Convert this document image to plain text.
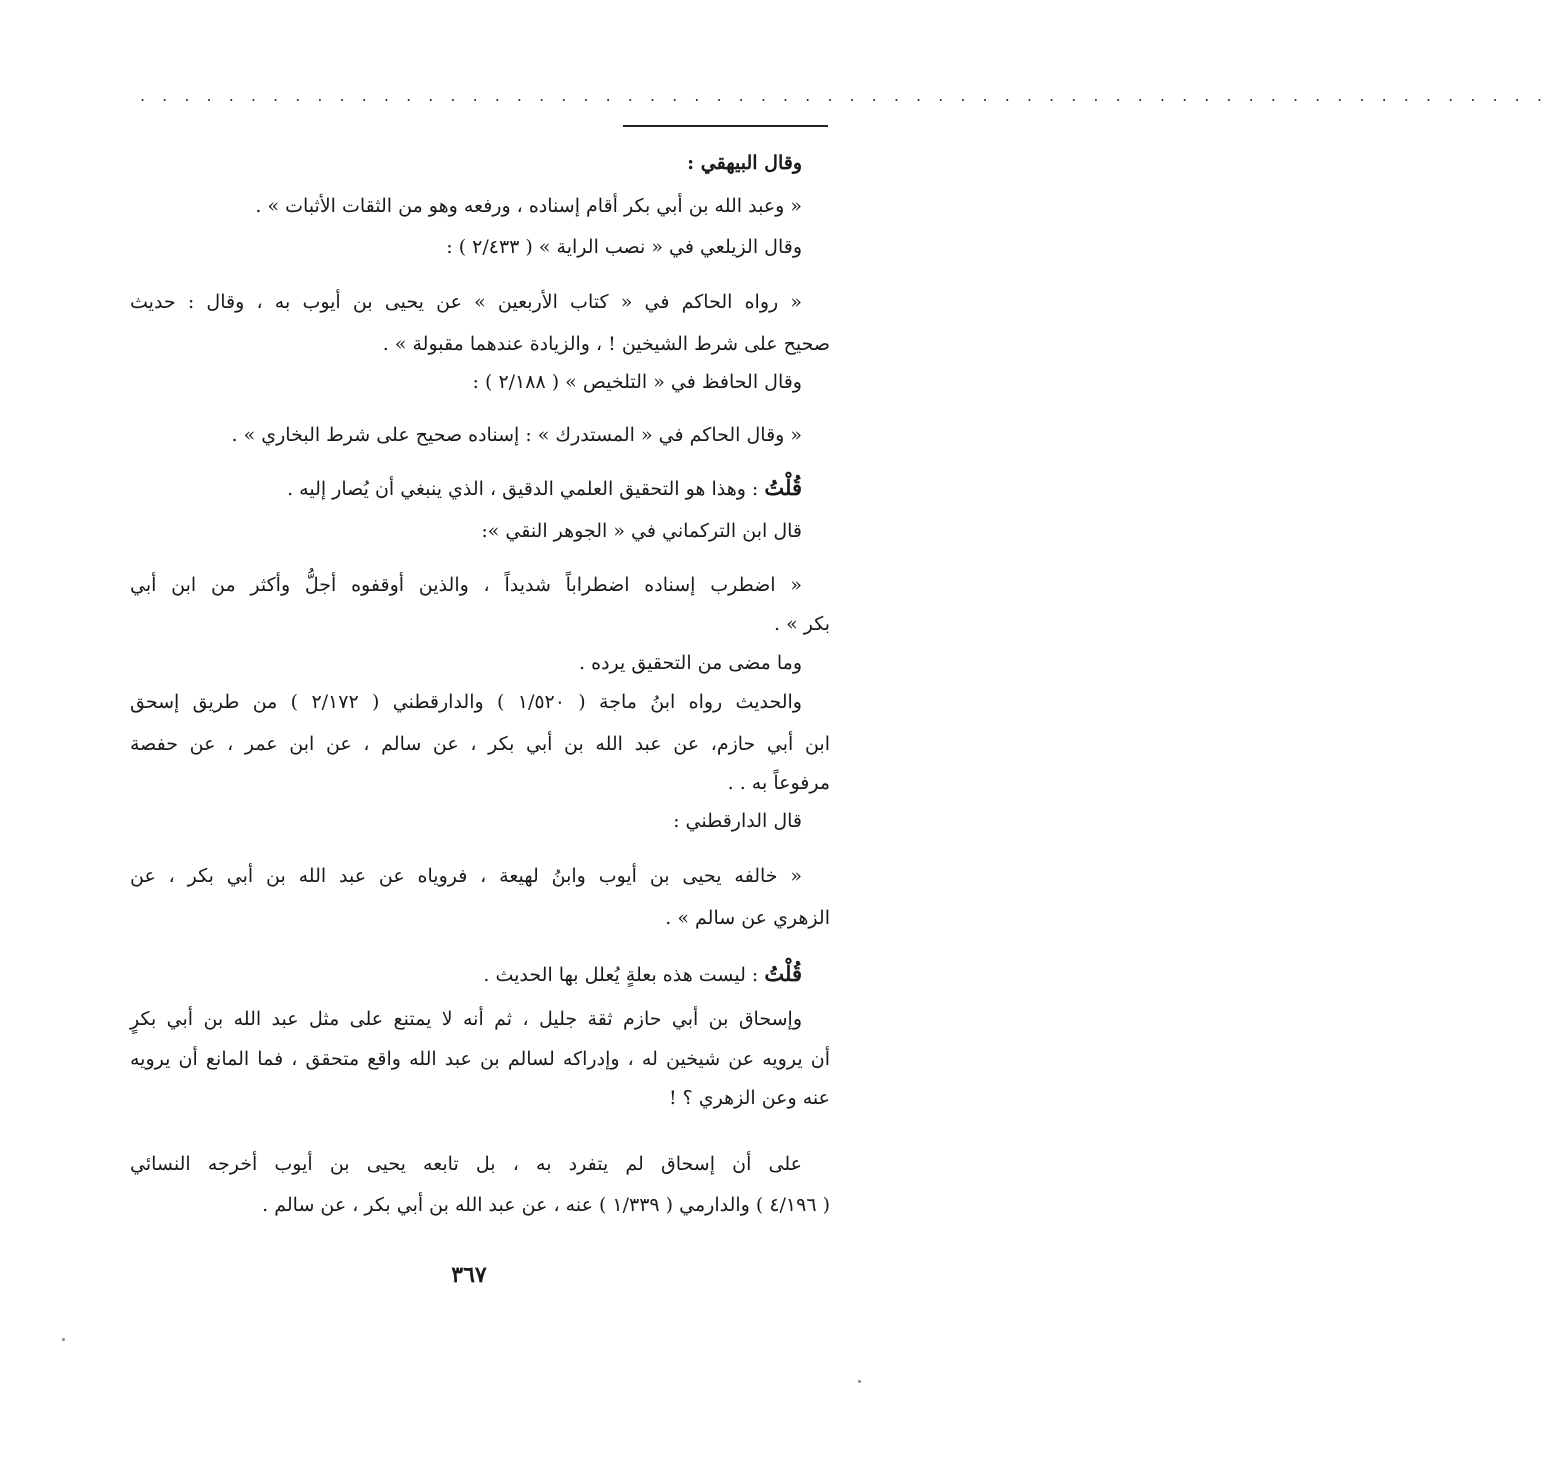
. . . . . . . . . . . . . . . . . . . . . . . . . . . . . . . . . . . . . . . . . . . . . . . . . . . . . . . . . . . . . . . .
وقال البيهقي :
« وعبد الله بن أبي بكر أقام إسناده ، ورفعه وهو من الثقات الأثبات » .
وقال الزيلعي في « نصب الراية » ( ٢/٤٣٣ ) :
« رواه الحاكم في « كتاب الأربعين » عن يحيى بن أيوب به ، وقال : حديث
صحيح على شرط الشيخين ! ، والزيادة عندهما مقبولة » .
وقال الحافظ في « التلخيص » ( ٢/١٨٨ ) :
« وقال الحاكم في « المستدرك » : إسناده صحيح على شرط البخاري » .
قُلْتُ : وهذا هو التحقيق العلمي الدقيق ، الذي ينبغي أن يُصار إليه .
قال ابن التركماني في « الجوهر النقي »:
« اضطرب إسناده اضطراباً شديداً ، والذين أوقفوه أجلُّ وأكثر من ابن أبي
بكر » .
وما مضى من التحقيق يرده .
والحديث رواه ابنُ ماجة ( ١/٥٢٠ ) والدارقطني ( ٢/١٧٢ ) من طريق إسحق
ابن أبي حازم، عن عبد الله بن أبي بكر ، عن سالم ، عن ابن عمر ، عن حفصة
مرفوعاً به . .
قال الدارقطني :
« خالفه يحيى بن أيوب وابنُ لهيعة ، فروياه عن عبد الله بن أبي بكر ، عن
الزهري عن سالم » .
قُلْتُ : ليست هذه بعلةٍ يُعلل بها الحديث .
وإسحاق بن أبي حازم ثقة جليل ، ثم أنه لا يمتنع على مثل عبد الله بن أبي بكرٍ
أن يرويه عن شيخين له ، وإدراكه لسالم بن عبد الله واقع متحقق ، فما المانع أن يرويه
عنه وعن الزهري ؟ !
على أن إسحاق لم يتفرد به ، بل تابعه يحيى بن أيوب أخرجه النسائي
( ٤/١٩٦ ) والدارمي ( ١/٣٣٩ ) عنه ، عن عبد الله بن أبي بكر ، عن سالم .
٣٦٧
